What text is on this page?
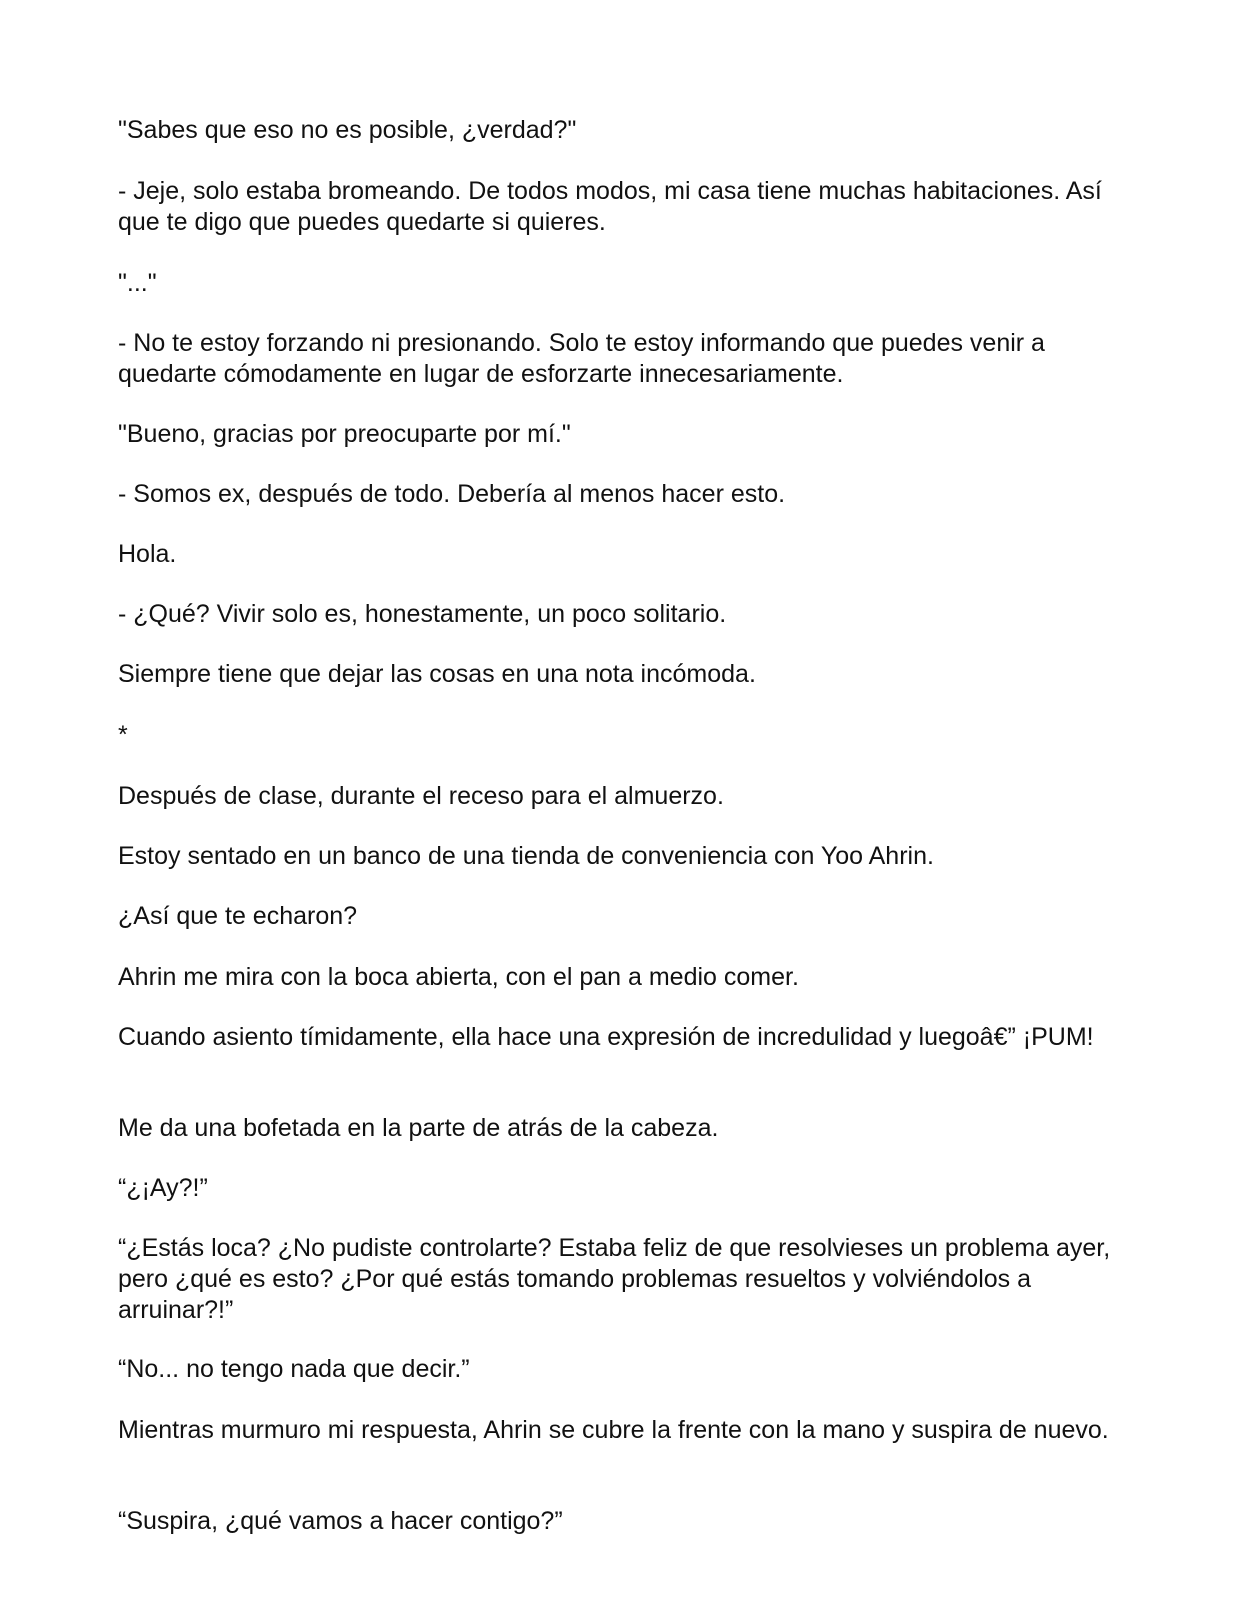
"Sabes que eso no es posible, ¿verdad?"

- Jeje, solo estaba bromeando. De todos modos, mi casa tiene muchas habitaciones. Así que te digo que puedes quedarte si quieres.

"..."

- No te estoy forzando ni presionando. Solo te estoy informando que puedes venir a quedarte cómodamente en lugar de esforzarte innecesariamente.

"Bueno, gracias por preocuparte por mí."

- Somos ex, después de todo. Debería al menos hacer esto.

Hola.

- ¿Qué? Vivir solo es, honestamente, un poco solitario.

Siempre tiene que dejar las cosas en una nota incómoda.

*

Después de clase, durante el receso para el almuerzo.

Estoy sentado en un banco de una tienda de conveniencia con Yoo Ahrin.

¿Así que te echaron?

Ahrin me mira con la boca abierta, con el pan a medio comer.

Cuando asiento tímidamente, ella hace una expresión de incredulidad y luegoâ€” ¡PUM!

Me da una bofetada en la parte de atrás de la cabeza.

“¿¡Ay?!”

“¿Estás loca? ¿No pudiste controlarte? Estaba feliz de que resolvieses un problema ayer, pero ¿qué es esto? ¿Por qué estás tomando problemas resueltos y volviéndolos a arruinar?!”

“No... no tengo nada que decir.”

Mientras murmuro mi respuesta, Ahrin se cubre la frente con la mano y suspira de nuevo.

“Suspira, ¿qué vamos a hacer contigo?”
